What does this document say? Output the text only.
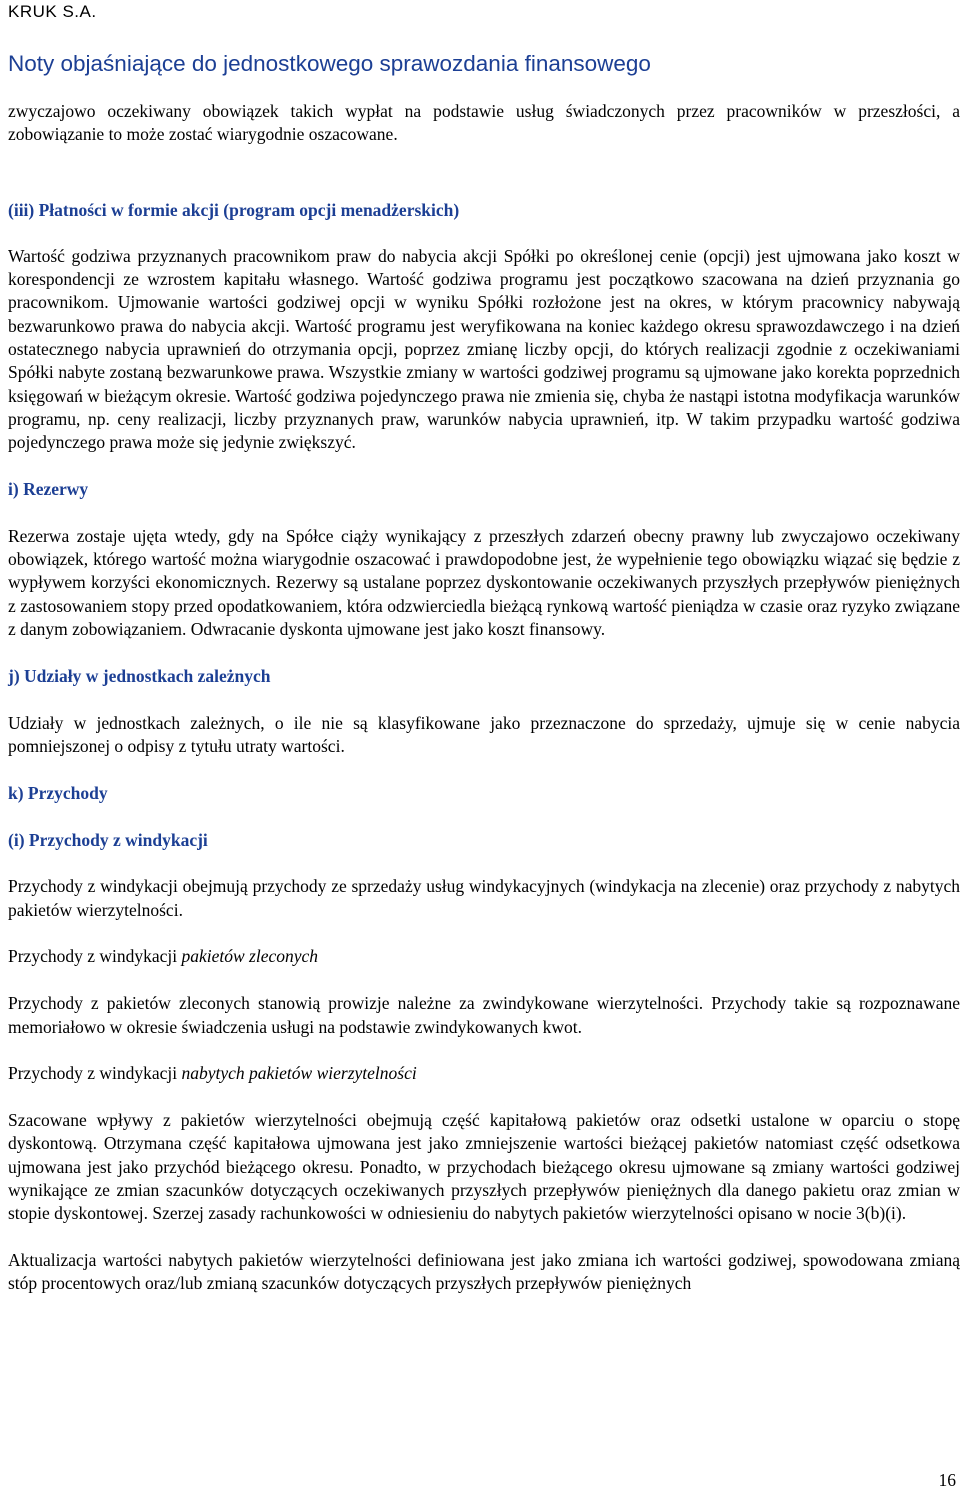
KRUK S.A.
Noty objaśniające do jednostkowego sprawozdania finansowego

zwyczajowo oczekiwany obowiązek takich wypłat na podstawie usług świadczonych przez pracowników w przeszłości, a zobowiązanie to może zostać wiarygodnie oszacowane.

(iii) Płatności w formie akcji (program opcji menadżerskich)

Wartość godziwa przyznanych pracownikom praw do nabycia akcji Spółki po określonej cenie (opcji) jest ujmowana jako koszt w korespondencji ze wzrostem kapitału własnego. Wartość godziwa programu jest początkowo szacowana na dzień przyznania go pracownikom. Ujmowanie wartości godziwej opcji w wyniku Spółki rozłożone jest na okres, w którym pracownicy nabywają bezwarunkowo prawa do nabycia akcji. Wartość programu jest weryfikowana na koniec każdego okresu sprawozdawczego i na dzień ostatecznego nabycia uprawnień do otrzymania opcji, poprzez zmianę liczby opcji, do których realizacji zgodnie z oczekiwaniami Spółki nabyte zostaną bezwarunkowe prawa. Wszystkie zmiany w wartości godziwej programu są ujmowane jako korekta poprzednich księgowań w bieżącym okresie. Wartość godziwa pojedynczego prawa nie zmienia się, chyba że nastąpi istotna modyfikacja warunków programu, np. ceny realizacji, liczby przyznanych praw, warunków nabycia uprawnień, itp. W takim przypadku wartość godziwa pojedynczego prawa może się jedynie zwiększyć.

i) Rezerwy

Rezerwa zostaje ujęta wtedy, gdy na Spółce ciąży wynikający z przeszłych zdarzeń obecny prawny lub zwyczajowo oczekiwany obowiązek, którego wartość można wiarygodnie oszacować i prawdopodobne jest, że wypełnienie tego obowiązku wiązać się będzie z wypływem korzyści ekonomicznych. Rezerwy są ustalane poprzez dyskontowanie oczekiwanych przyszłych przepływów pieniężnych z zastosowaniem stopy przed opodatkowaniem, która odzwierciedla bieżącą rynkową wartość pieniądza w czasie oraz ryzyko związane z danym zobowiązaniem. Odwracanie dyskonta ujmowane jest jako koszt finansowy.

j) Udziały w jednostkach zależnych

Udziały w jednostkach zależnych, o ile nie są klasyfikowane jako przeznaczone do sprzedaży, ujmuje się w cenie nabycia pomniejszonej o odpisy z tytułu utraty wartości.

k) Przychody

(i) Przychody z windykacji

Przychody z windykacji obejmują przychody ze sprzedaży usług windykacyjnych (windykacja na zlecenie) oraz przychody z nabytych pakietów wierzytelności.

Przychody z windykacji pakietów zleconych

Przychody z pakietów zleconych stanowią prowizje należne za zwindykowane wierzytelności. Przychody takie są rozpoznawane memoriałowo w okresie świadczenia usługi na podstawie zwindykowanych kwot.

Przychody z windykacji nabytych pakietów wierzytelności

Szacowane wpływy z pakietów wierzytelności obejmują część kapitałową pakietów oraz odsetki ustalone w oparciu o stopę dyskontową. Otrzymana część kapitałowa ujmowana jest jako zmniejszenie wartości bieżącej pakietów natomiast część odsetkowa ujmowana jest jako przychód bieżącego okresu. Ponadto, w przychodach bieżącego okresu ujmowane są zmiany wartości godziwej wynikające ze zmian szacunków dotyczących oczekiwanych przyszłych przepływów pieniężnych dla danego pakietu oraz zmian w stopie dyskontowej. Szerzej zasady rachunkowości w odniesieniu do nabytych pakietów wierzytelności opisano w nocie 3(b)(i).

Aktualizacja wartości nabytych pakietów wierzytelności definiowana jest jako zmiana ich wartości godziwej, spowodowana zmianą stóp procentowych oraz/lub zmianą szacunków dotyczących przyszłych przepływów pieniężnych

16
